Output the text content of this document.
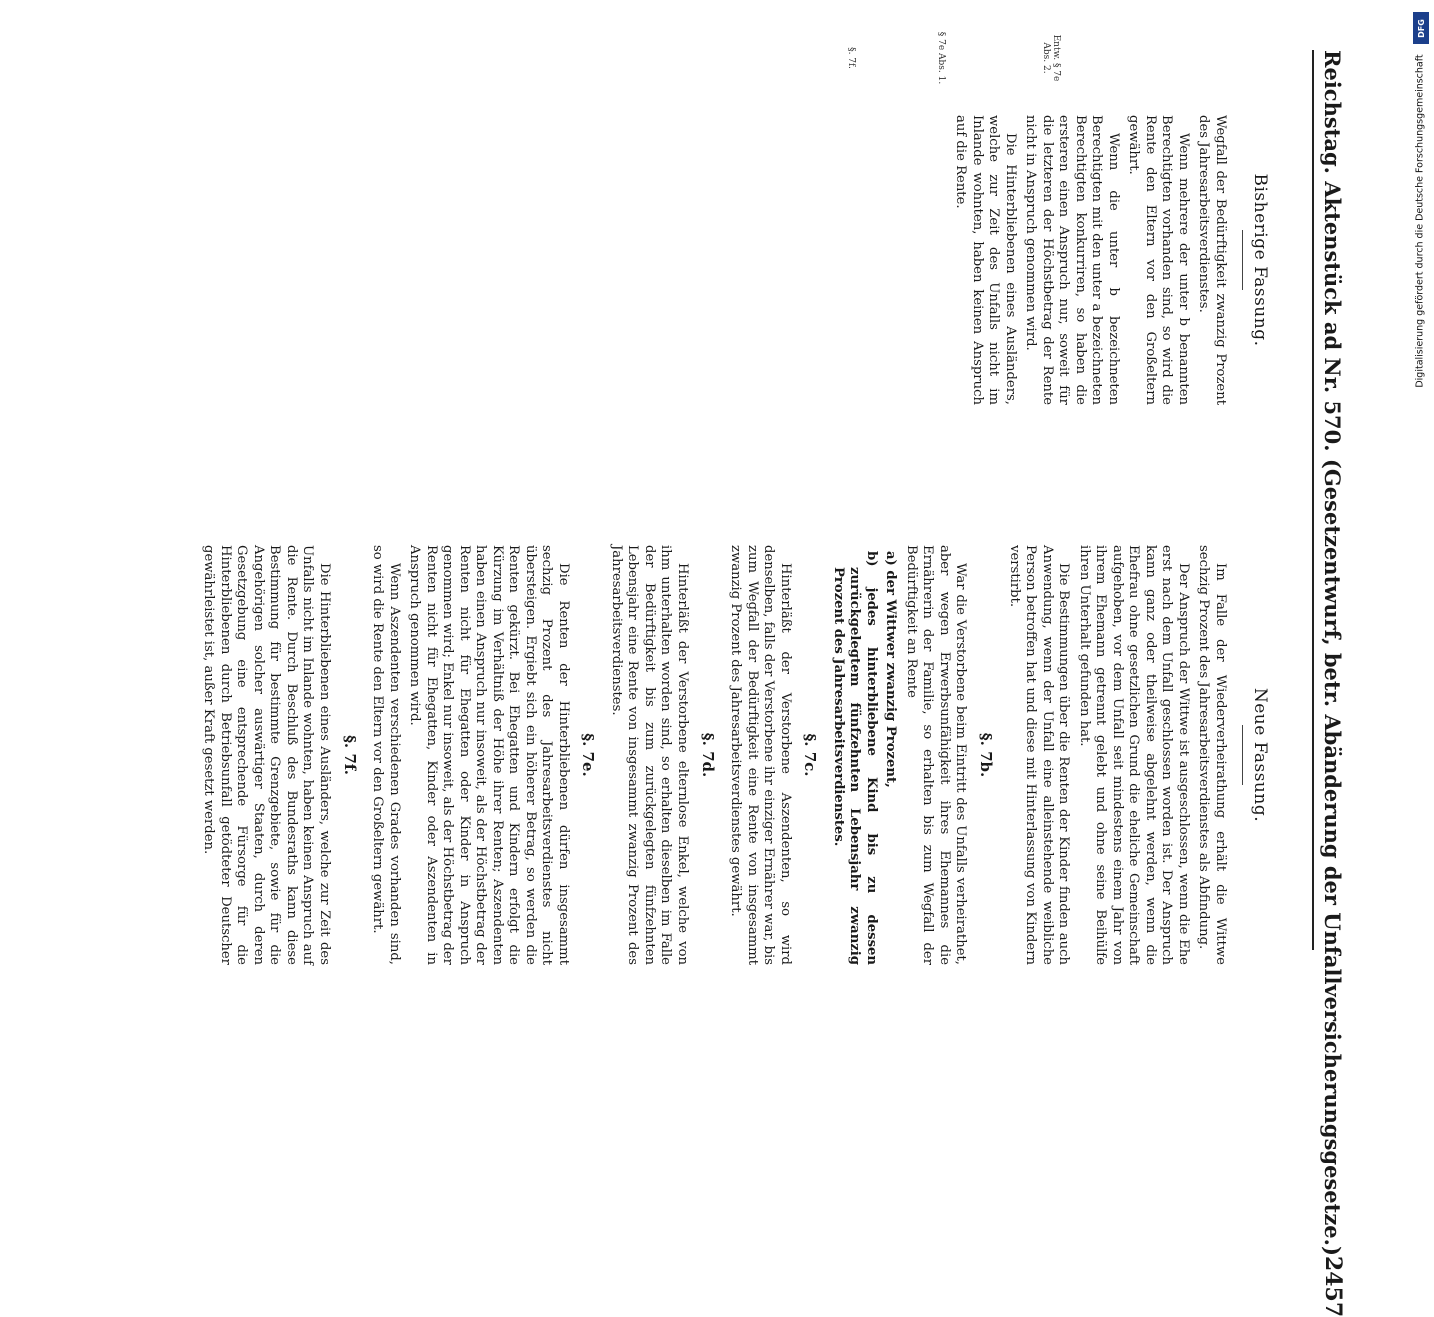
Reichstag. Aktenstück ad Nr. 570. (Gesetzentwurf, betr. Abänderung der Unfallversicherungsgesetze.)
2457
Entw. § 7e Abs. 2.
§ 7e Abs. 1.
§. 7f.
Bisherige Fassung.

Wegfall der Bedürftigkeit zwanzig Prozent des Jahresarbeitsverdienstes.

Wenn mehrere der unter b benannten Berechtigten vorhanden sind, so wird die Rente den Eltern vor den Großeltern gewährt.

Wenn die unter b bezeichneten Berechtigten mit den unter a bezeichneten Berechtigten konkurriren, so haben die ersteren einen Anspruch nur, soweit für die letzteren der Höchstbetrag der Rente nicht in Anspruch genommen wird.

Die Hinterbliebenen eines Ausländers, welche zur Zeit des Unfalls nicht im Inlande wohnten, haben keinen Anspruch auf die Rente.

Neue Fassung.

Im Falle der Wiederverheirathung erhält die Wittwe sechzig Prozent des Jahresarbeitsverdienstes als Abfindung.

Der Anspruch der Wittwe ist ausgeschlossen, wenn die Ehe erst nach dem Unfall geschlossen worden ist. Der Anspruch kann ganz oder theilweise abgelehnt werden, wenn die Ehefrau ohne gesetzlichen Grund die eheliche Gemeinschaft aufgehoben, vor dem Unfall seit mindestens einem Jahr von ihrem Ehemann getrennt gelebt und ohne seine Beihülfe ihren Unterhalt gefunden hat.

Die Bestimmungen über die Renten der Kinder finden auch Anwendung, wenn der Unfall eine alleinstehende weibliche Person betroffen hat und diese mit Hinterlassung von Kindern verstirbt.

§. 7b.

War die Verstorbene beim Eintritt des Unfalls verheirathet, aber wegen Erwerbsunfähigkeit ihres Ehemannes die Ernährerin der Familie, so erhalten bis zum Wegfall der Bedürftigkeit an Rente

a) der Wittwer zwanzig Prozent,

b) jedes hinterbliebene Kind bis zu dessen zurückgelegtem fünfzehnten Lebensjahr zwanzig Prozent des Jahresarbeitsverdienstes.

§. 7c.

Hinterläßt der Verstorbene Aszendenten, so wird denselben, falls der Verstorbene ihr einziger Ernährer war, bis zum Wegfall der Bedürftigkeit eine Rente von insgesammt zwanzig Prozent des Jahresarbeitsverdienstes gewährt.

§. 7d.

Hinterläßt der Verstorbene elternlose Enkel, welche von ihm unterhalten worden sind, so erhalten dieselben im Falle der Bedürftigkeit bis zum zurückgelegten fünfzehnten Lebensjahr eine Rente von insgesammt zwanzig Prozent des Jahresarbeitsverdienstes.

§. 7e.

Die Renten der Hinterbliebenen dürfen insgesammt sechzig Prozent des Jahresarbeitsverdienstes nicht übersteigen. Ergiebt sich ein höherer Betrag, so werden die Renten gekürzt. Bei Ehegatten und Kindern erfolgt die Kürzung im Verhältniß der Höhe ihrer Renten; Aszendenten haben einen Anspruch nur insoweit, als der Höchstbetrag der Renten nicht für Ehegatten oder Kinder in Anspruch genommen wird; Enkel nur insoweit, als der Höchstbetrag der Renten nicht für Ehegatten, Kinder oder Aszendenten in Anspruch genommen wird.

Wenn Aszendenten verschiedenen Grades vorhanden sind, so wird die Rente den Eltern vor den Großeltern gewährt.

§. 7f.

Die Hinterbliebenen eines Ausländers, welche zur Zeit des Unfalls nicht im Inlande wohnten, haben keinen Anspruch auf die Rente. Durch Beschluß des Bundesraths kann diese Bestimmung für bestimmte Grenzgebiete, sowie für die Angehörigen solcher auswärtiger Staaten, durch deren Gesetzgebung eine entsprechende Fürsorge für die Hinterbliebenen durch Betriebsunfall getödteter Deutscher gewährleistet ist, außer Kraft gesetzt werden.

DFG
Digitalisierung gefördert durch die Deutsche Forschungsgemeinschaft
